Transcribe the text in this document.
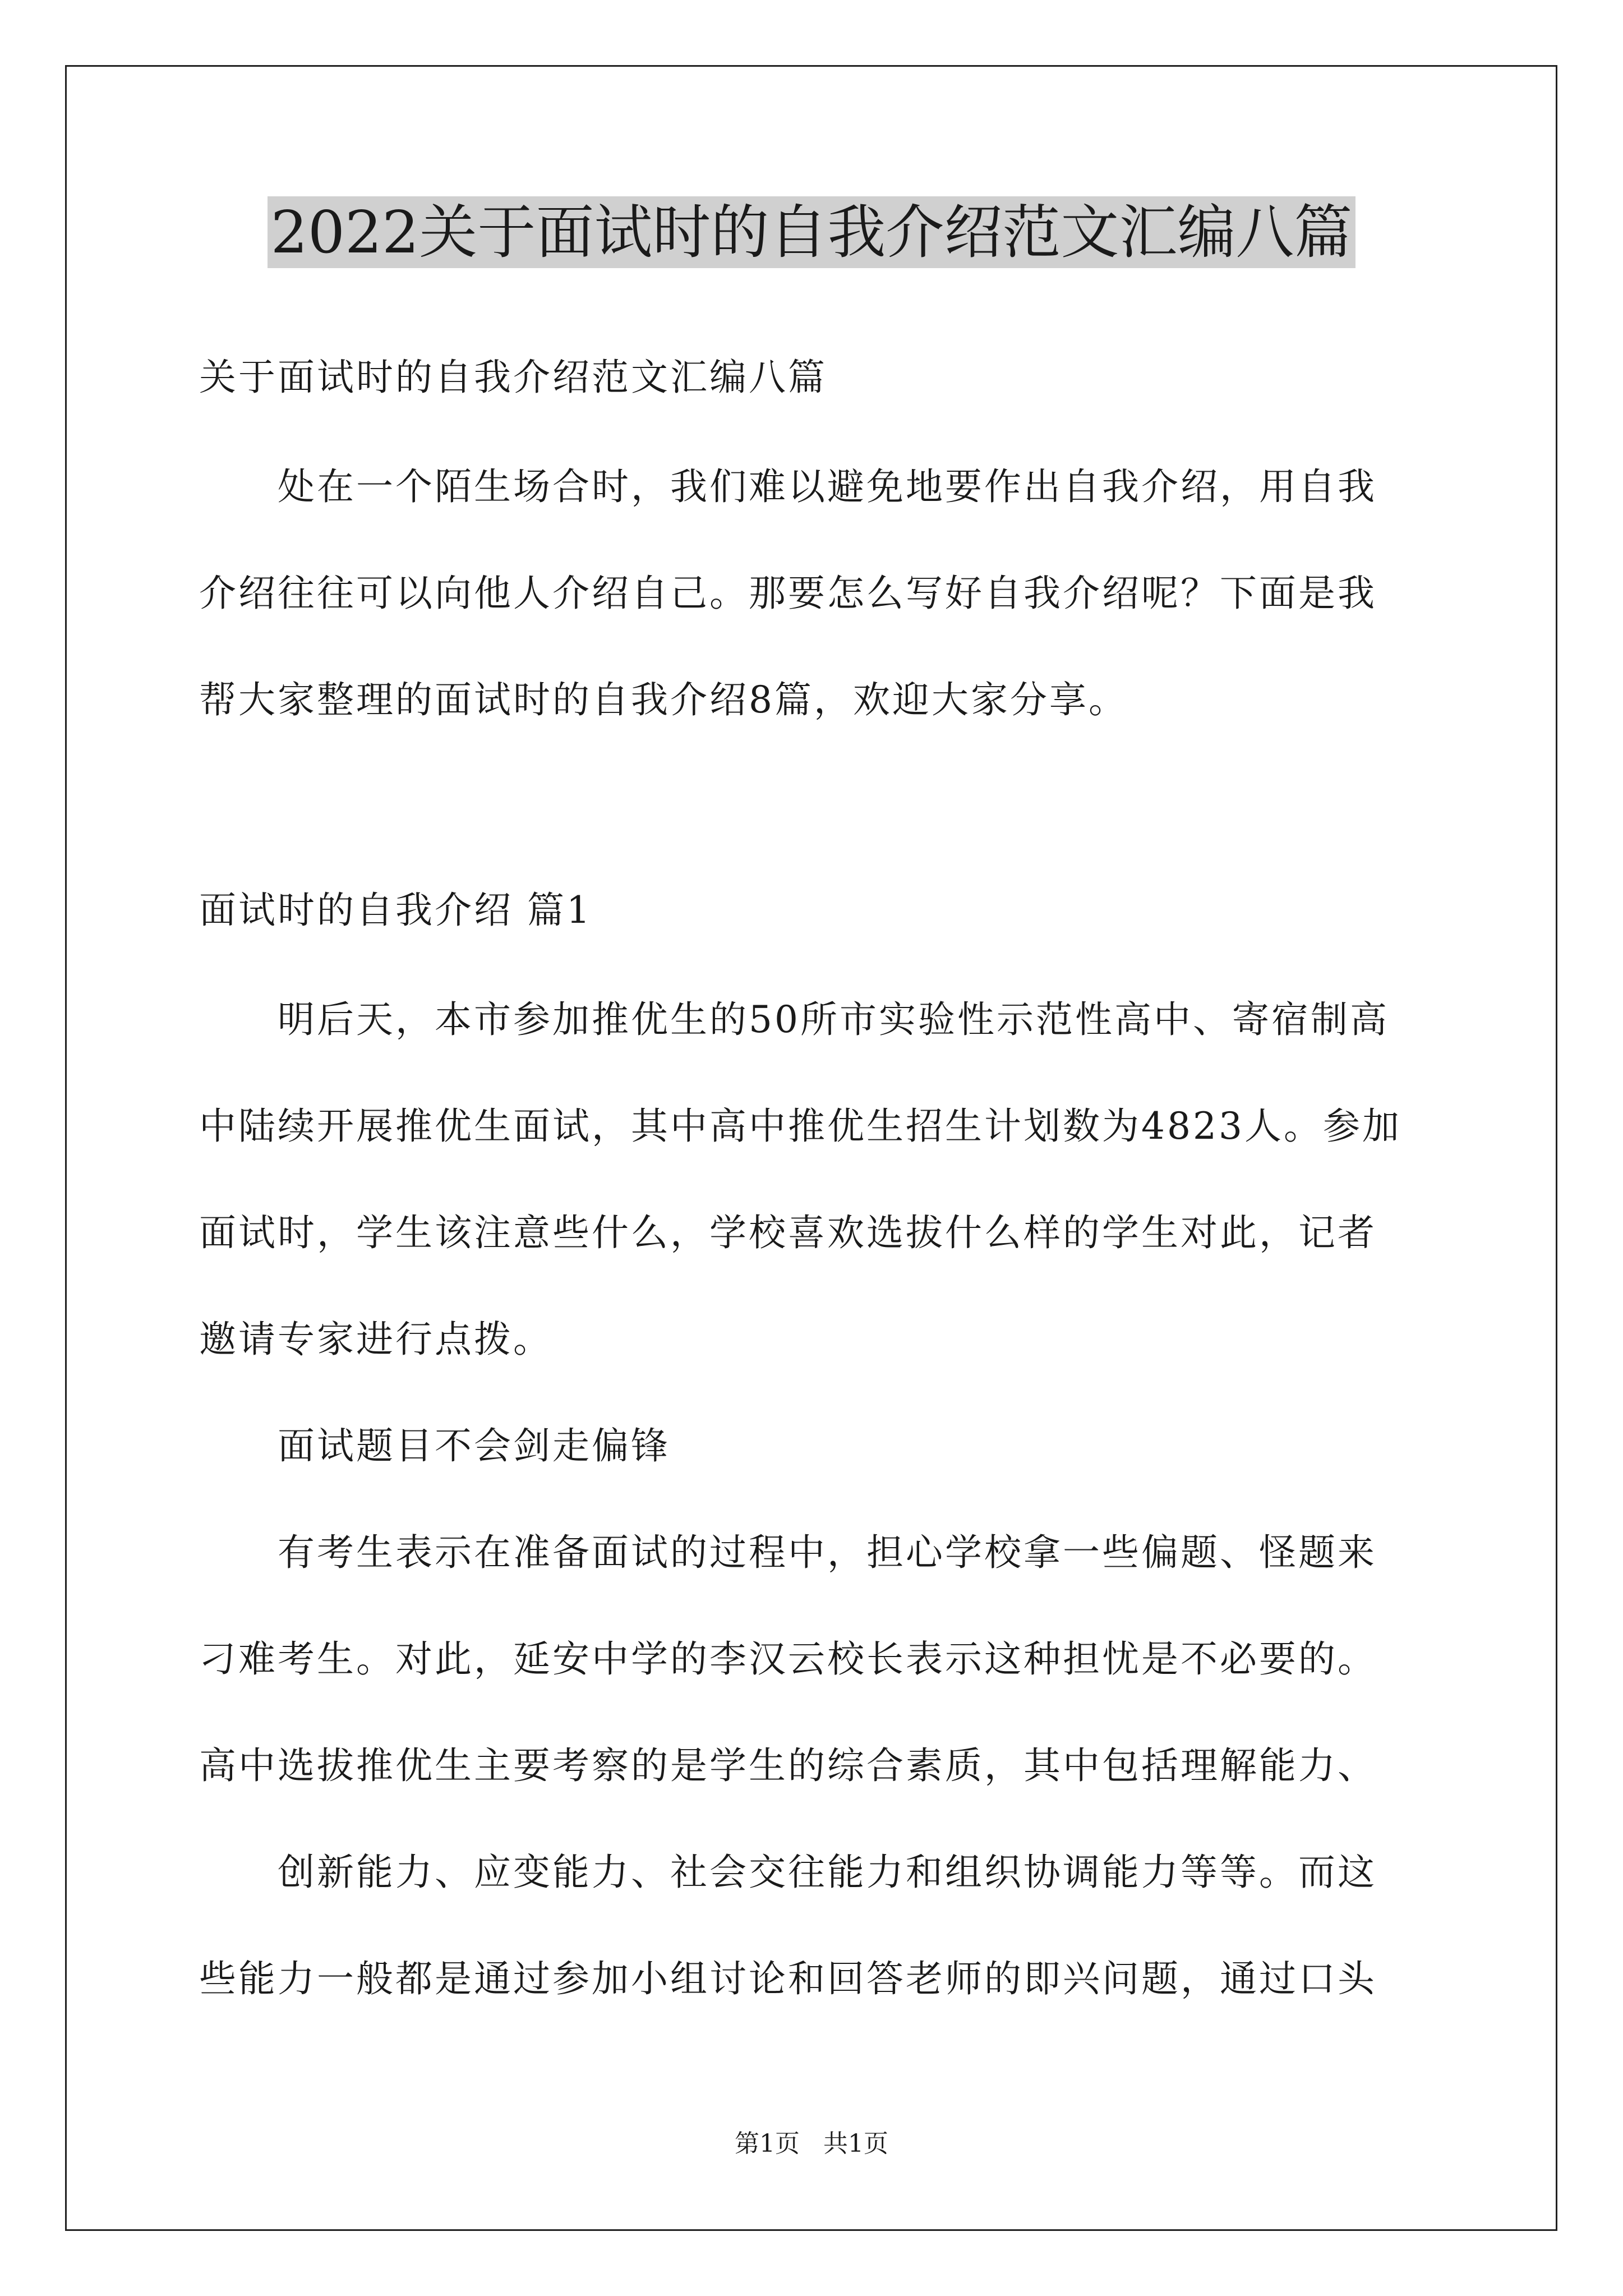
2022关于面试时的自我介绍范文汇编八篇
关于面试时的自我介绍范文汇编八篇
　　处在一个陌生场合时，我们难以避免地要作出自我介绍，用自我
介绍往往可以向他人介绍自己。那要怎么写好自我介绍呢？下面是我
帮大家整理的面试时的自我介绍8篇，欢迎大家分享。
面试时的自我介绍 篇1
　　明后天，本市参加推优生的50所市实验性示范性高中、寄宿制高
中陆续开展推优生面试，其中高中推优生招生计划数为4823人。参加
面试时，学生该注意些什么，学校喜欢选拔什么样的学生对此，记者
邀请专家进行点拨。
　　面试题目不会剑走偏锋
　　有考生表示在准备面试的过程中，担心学校拿一些偏题、怪题来
刁难考生。对此，延安中学的李汉云校长表示这种担忧是不必要的。
高中选拔推优生主要考察的是学生的综合素质，其中包括理解能力、
　　创新能力、应变能力、社会交往能力和组织协调能力等等。而这
些能力一般都是通过参加小组讨论和回答老师的即兴问题，通过口头
第1页   共1页
